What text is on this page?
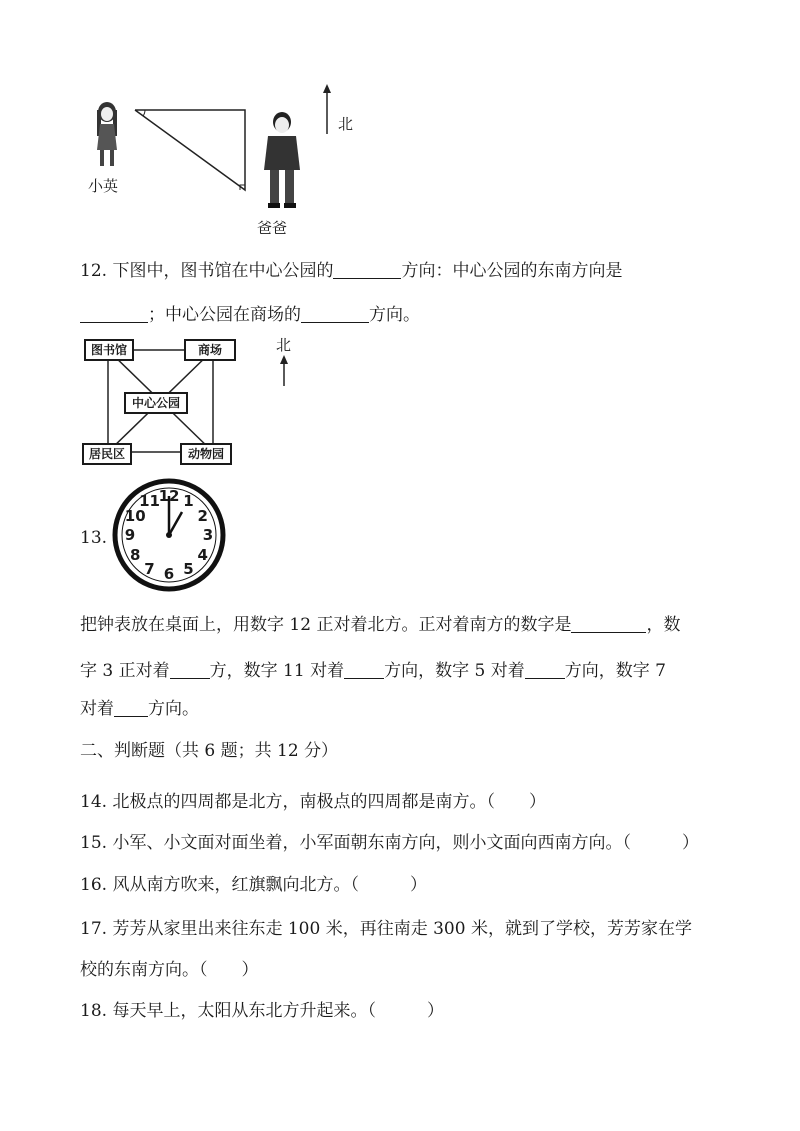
小英
爸爸
北
12. 下图中，图书馆在中心公园的	方向：中心公园的东南方向是
；中心公园在商场的	方向。
图书馆	商场
中心公园
居民区	动物园
北
13.
12 1
2
3
4
5
6
7
8
9
10
11
把钟表放在桌面上，用数字 12 正对着北方。正对着南方的数字是	，数
字 3 正对着 方，数字 11 对着 方向，数字 5 对着 方向，数字 7
对着 方向。
二、判断题（共 6 题；共 12 分）
14. 北极点的四周都是北方，南极点的四周都是南方。（　　）
15. 小军、小文面对面坐着，小军面朝东南方向，则小文面向西南方向。（　　　）
16. 风从南方吹来，红旗飘向北方。（　　　）
17. 芳芳从家里出来往东走 100 米，再往南走 300 米，就到了学校，芳芳家在学
校的东南方向。（　　）
18. 每天早上，太阳从东北方升起来。（　　　）
